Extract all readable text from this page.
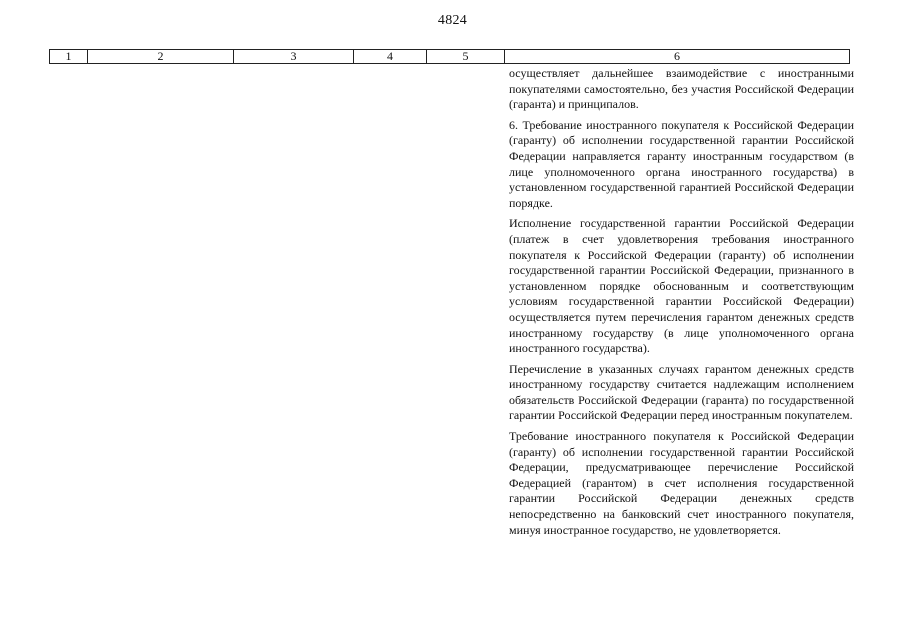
4824
1	2	3	4	5	6

осуществляет дальнейшее взаимодействие с иностранными покупателями самостоятельно, без участия Российской Федерации (гаранта) и принципалов.

6. Требование иностранного покупателя к Российской Федерации (гаранту) об исполнении государственной гарантии Российской Федерации направляется гаранту иностранным государством (в лице уполномоченного органа иностранного государства) в установленном государственной гарантией Российской Федерации порядке.

Исполнение государственной гарантии Российской Федерации (платеж в счет удовлетворения требования иностранного покупателя к Российской Федерации (гаранту) об исполнении государственной гарантии Российской Федерации, признанного в установленном порядке обоснованным и соответствующим условиям государственной гарантии Российской Федерации) осуществляется путем перечисления гарантом денежных средств иностранному государству (в лице уполномоченного органа иностранного государства).

Перечисление в указанных случаях гарантом денежных средств иностранному государству считается надлежащим исполнением обязательств Российской Федерации (гаранта) по государственной гарантии Российской Федерации перед иностранным покупателем.

Требование иностранного покупателя к Российской Федерации (гаранту) об исполнении государственной гарантии Российской Федерации, предусматривающее перечисление Российской Федерацией (гарантом) в счет исполнения государственной гарантии Российской Федерации денежных средств непосредственно на банковский счет иностранного покупателя, минуя иностранное государство, не удовлетворяется.
